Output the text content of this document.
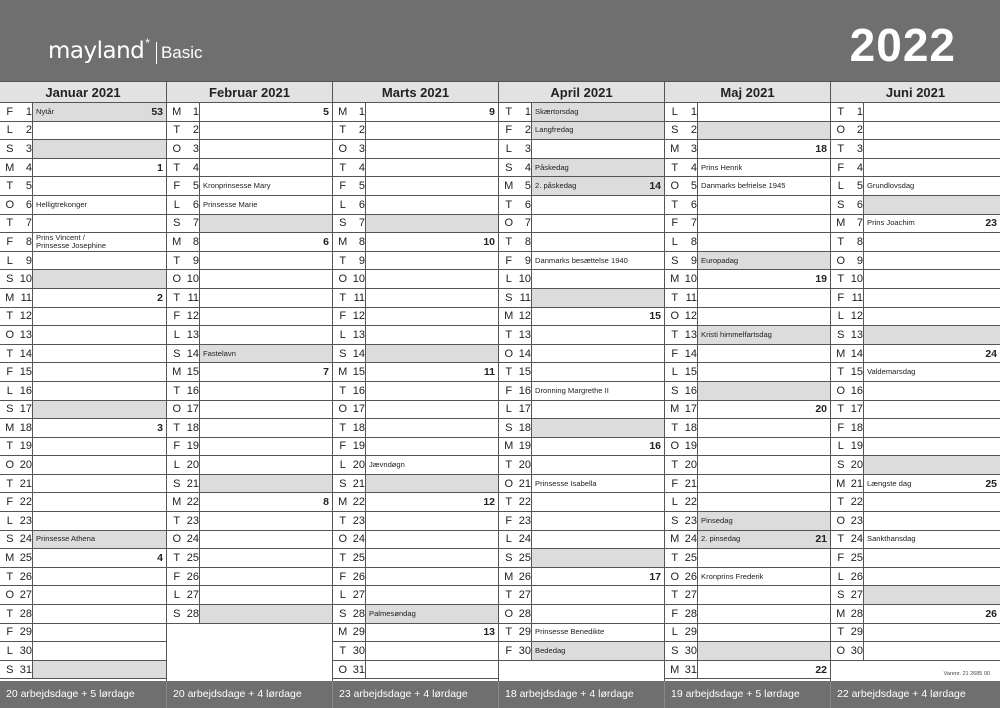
mayland * Basic	2022
Januar 2021
F	1 Nytår	53
L	2
S	3
M	4	1
T	5
O	6 Helligtrekonger
T	7
F	8 Prins Vincent /
Prinsesse Josephine
L	9
S 10
M 11	2
T 12
O 13
T 14
F 15
L 16
S 17
M 18	3
T 19
O 20
T 21
F 22
L 23
S 24 Prinsesse Athena
M 25	4
T 26
O 27
T 28
F 29
L 30
S 31
Februar 2021
M	1	5
T	2
O	3
T	4
F	5 Kronprinsesse Mary
L	6 Prinsesse Marie
S	7
M	8	6
T	9
O 10
T 11
F 12
L 13
S 14 Fastelavn
M 15	7
T 16
O 17
T 18
F 19
L 20
S 21
M 22	8
T 23
O 24
T 25
F 26
L 27
S 28
Marts 2021
M	1	9
T	2
O	3
T	4
F	5
L	6
S	7
M	8	10
T	9
O 10
T 11
F 12
L 13
S 14
M 15	11
T 16
O 17
T 18
F 19
L 20 Jævndøgn
S 21
M 22	12
T 23
O 24
T 25
F 26
L 27
S 28 Palmesøndag
M 29	13
T 30
O 31
April 2021
T	1 Skærtorsdag
F	2 Langfredag
L	3
S	4 Påskedag
M	5 2. påskedag	14
T	6
O	7
T	8
F	9 Danmarks besættelse 1940
L 10
S 11
M 12	15
T 13
O 14
T 15
F 16 Dronning Margrethe II
L 17
S 18
M 19	16
T 20
O 21 Prinsesse Isabella
T 22
F 23
L 24
S 25
M 26	17
T 27
O 28
T 29 Prinsesse Benedikte
F 30 Bededag
Maj 2021
L	1
S	2
M	3	18
T	4 Prins Henrik
O	5 Danmarks befrielse 1945
T	6
F	7
L	8
S	9 Europadag
M 10	19
T 11
O 12
T 13 Kristi himmelfartsdag
F 14
L 15
S 16
M 17	20
T 18
O 19
T 20
F 21
L 22
S 23 Pinsedag
M 24 2. pinsedag	21
T 25
O 26 Kronprins Frederik
T 27
F 28
L 29
S 30
M 31	22
Juni 2021
T	1
O	2
T	3
F	4
L	5 Grundlovsdag
S	6
M	7 Prins Joachim	23
T	8
O	9
T 10
F 11
L 12
S 13
M 14	24
T 15 Valdemarsdag
O 16
T 17
F 18
L 19
S 20
M 21 Længste dag	25
T 22
O 23
T 24 Sankthansdag
F 25
L 26
S 27
M 28	26
T 29
O 30
Varenr. 21 2685 00
20 arbejdsdage + 5 lørdage	20 arbejdsdage + 4 lørdage	23 arbejdsdage + 4 lørdage	18 arbejdsdage + 4 lørdage	19 arbejdsdage + 5 lørdage	22 arbejdsdage + 4 lørdage
